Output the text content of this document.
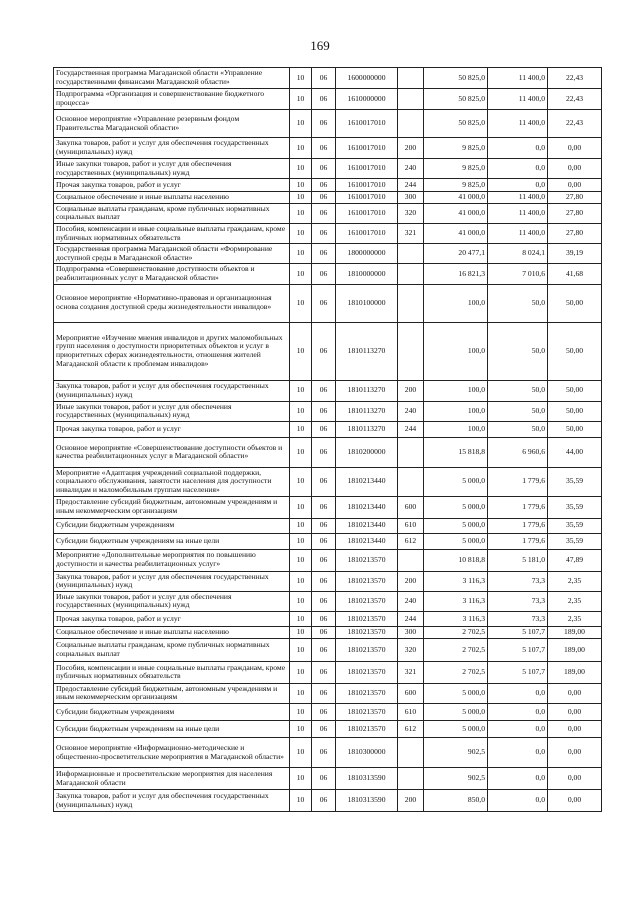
169
Государственная программа Магаданской области «Управление государственными финансами Магаданской области»	10	06	1600000000		50 825,0	11 400,0	22,43
Подпрограмма «Организация и совершенствование бюджетного процесса»	10	06	1610000000		50 825,0	11 400,0	22,43
Основное мероприятие «Управление резервным фондом Правительства Магаданской области»	10	06	1610017010		50 825,0	11 400,0	22,43
Закупка товаров, работ и услуг для обеспечения государственных (муниципальных) нужд	10	06	1610017010	200	9 825,0	0,0	0,00
Иные закупки товаров, работ и услуг для обеспечения государственных (муниципальных) нужд	10	06	1610017010	240	9 825,0	0,0	0,00
Прочая закупка товаров, работ и услуг	10	06	1610017010	244	9 825,0	0,0	0,00
Социальное обеспечение и иные выплаты населению	10	06	1610017010	300	41 000,0	11 400,0	27,80
Социальные выплаты гражданам, кроме публичных нормативных социальных выплат	10	06	1610017010	320	41 000,0	11 400,0	27,80
Пособия, компенсации и иные социальные выплаты гражданам, кроме публичных нормативных обязательств	10	06	1610017010	321	41 000,0	11 400,0	27,80
Государственная программа Магаданской области «Формирование доступной среды в Магаданской области»	10	06	1800000000		20 477,1	8 024,1	39,19
Подпрограмма «Совершенствование доступности объектов и реабилитационных услуг в Магаданской области»	10	06	1810000000		16 821,3	7 010,6	41,68
Основное мероприятие «Нормативно-правовая и организационная основа создания доступной среды жизнедеятельности инвалидов»	10	06	1810100000		100,0	50,0	50,00
Мероприятие «Изучение мнения инвалидов и других маломобильных групп населения о доступности приоритетных объектов и услуг в приоритетных сферах жизнедеятельности, отношения жителей Магаданской области к проблемам инвалидов»	10	06	1810113270		100,0	50,0	50,00
Закупка товаров, работ и услуг для обеспечения государственных (муниципальных) нужд	10	06	1810113270	200	100,0	50,0	50,00
Иные закупки товаров, работ и услуг для обеспечения государственных (муниципальных) нужд	10	06	1810113270	240	100,0	50,0	50,00
Прочая закупка товаров, работ и услуг	10	06	1810113270	244	100,0	50,0	50,00
Основное мероприятие «Совершенствование доступности объектов и качества реабилитационных услуг в Магаданской области»	10	06	1810200000		15 818,8	6 960,6	44,00
Мероприятие «Адаптация учреждений социальной поддержки, социального обслуживания, занятости населения для доступности инвалидам и маломобильным группам населения»	10	06	1810213440		5 000,0	1 779,6	35,59
Предоставление субсидий бюджетным, автономным учреждениям и иным некоммерческим организациям	10	06	1810213440	600	5 000,0	1 779,6	35,59
Субсидии бюджетным учреждениям	10	06	1810213440	610	5 000,0	1 779,6	35,59
Субсидии бюджетным учреждениям на иные цели	10	06	1810213440	612	5 000,0	1 779,6	35,59
Мероприятие «Дополнительные мероприятия по повышению доступности и качества реабилитационных услуг»	10	06	1810213570		10 818,8	5 181,0	47,89
Закупка товаров, работ и услуг для обеспечения государственных (муниципальных) нужд	10	06	1810213570	200	3 116,3	73,3	2,35
Иные закупки товаров, работ и услуг для обеспечения государственных (муниципальных) нужд	10	06	1810213570	240	3 116,3	73,3	2,35
Прочая закупка товаров, работ и услуг	10	06	1810213570	244	3 116,3	73,3	2,35
Социальное обеспечение и иные выплаты населению	10	06	1810213570	300	2 702,5	5 107,7	189,00
Социальные выплаты гражданам, кроме публичных нормативных социальных выплат	10	06	1810213570	320	2 702,5	5 107,7	189,00
Пособия, компенсации и иные социальные выплаты гражданам, кроме публичных нормативных обязательств	10	06	1810213570	321	2 702,5	5 107,7	189,00
Предоставление субсидий бюджетным, автономным учреждениям и иным некоммерческим организациям	10	06	1810213570	600	5 000,0	0,0	0,00
Субсидии бюджетным учреждениям	10	06	1810213570	610	5 000,0	0,0	0,00
Субсидии бюджетным учреждениям на иные цели	10	06	1810213570	612	5 000,0	0,0	0,00
Основное мероприятие «Информационно-методические и общественно-просветительские мероприятия в Магаданской области»	10	06	1810300000		902,5	0,0	0,00
Информационные и просветительские мероприятия для населения Магаданской области	10	06	1810313590		902,5	0,0	0,00
Закупка товаров, работ и услуг для обеспечения государственных (муниципальных) нужд	10	06	1810313590	200	850,0	0,0	0,00
